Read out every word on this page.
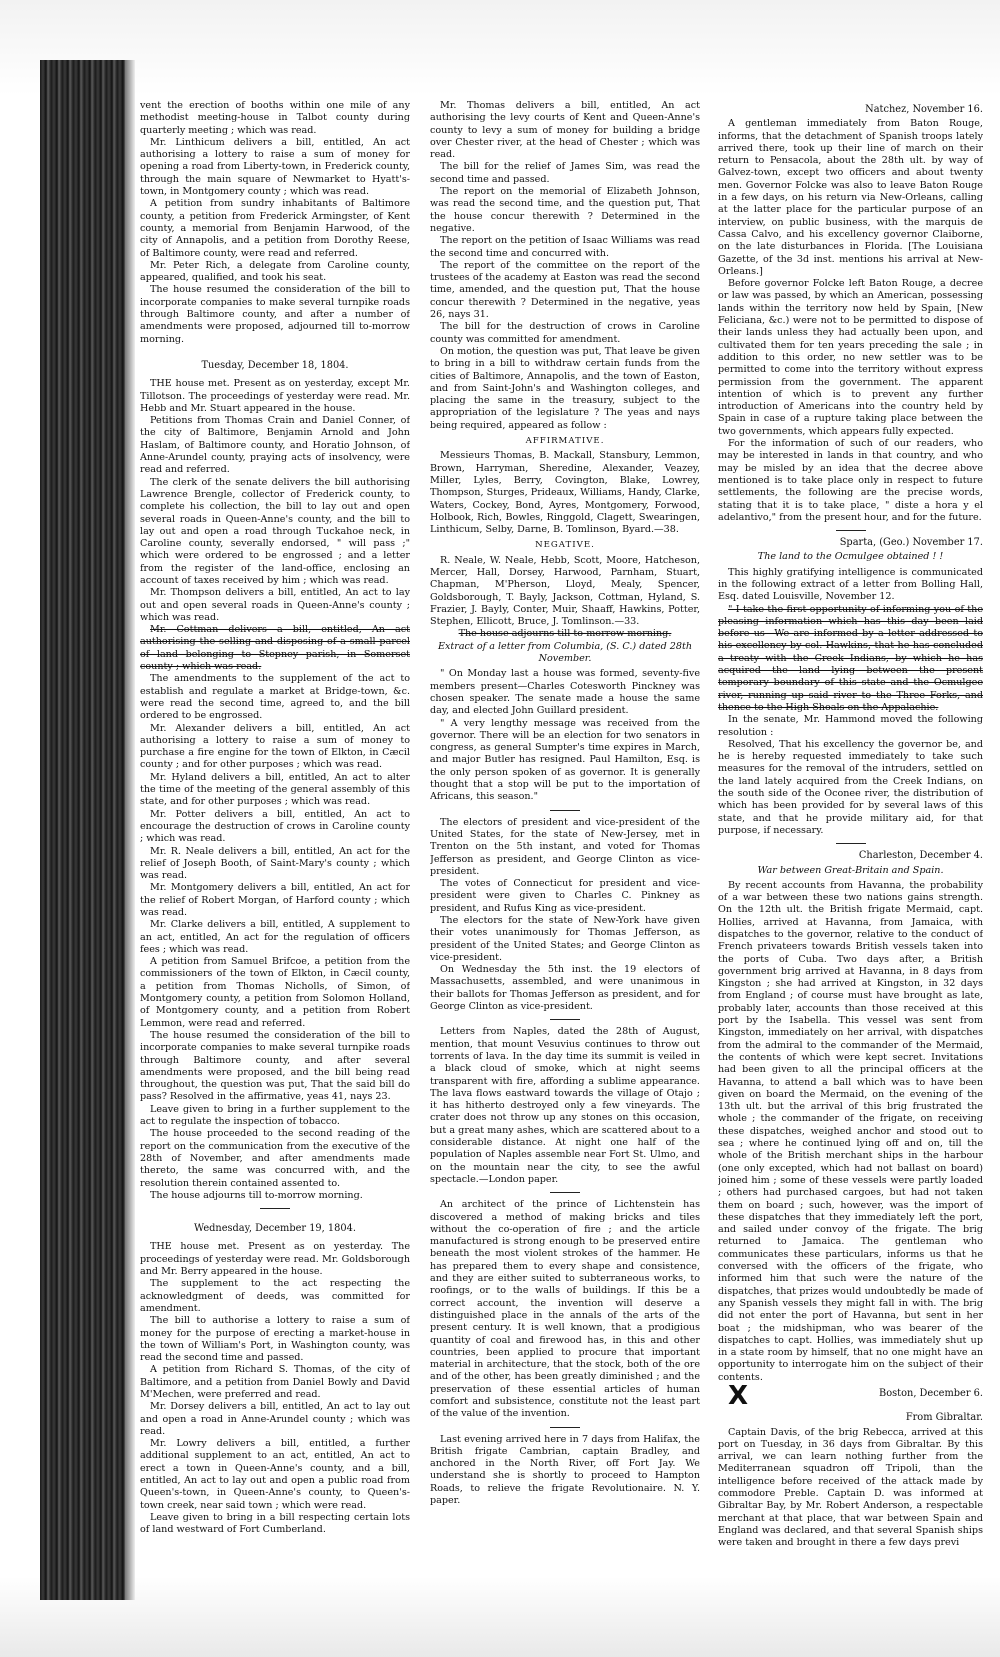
vent the erection of booths within one mile of any methodist meeting-house in Talbot county during quarterly meeting ; which was read.

Mr. Linthicum delivers a bill, entitled, An act authorising a lottery to raise a sum of money for opening a road from Liberty-town, in Frederick county, through the main square of Newmarket to Hyatt's-town, in Montgomery county ; which was read.

A petition from sundry inhabitants of Baltimore county, a petition from Frederick Armingster, of Kent county, a memorial from Benjamin Harwood, of the city of Annapolis, and a petition from Dorothy Reese, of Baltimore county, were read and referred.

Mr. Peter Rich, a delegate from Caroline county, appeared, qualified, and took his seat.

The house resumed the consideration of the bill to incorporate companies to make several turnpike roads through Baltimore county, and after a number of amendments were proposed, adjourned till to-morrow morning.

Tuesday, December 18, 1804.

THE house met. Present as on yesterday, except Mr. Tillotson. The proceedings of yesterday were read. Mr. Hebb and Mr. Stuart appeared in the house.

Petitions from Thomas Crain and Daniel Conner, of the city of Baltimore, Benjamin Arnold and John Haslam, of Baltimore county, and Horatio Johnson, of Anne-Arundel county, praying acts of insolvency, were read and referred.

The clerk of the senate delivers the bill authorising Lawrence Brengle, collector of Frederick county, to complete his collection, the bill to lay out and open several roads in Queen-Anne's county, and the bill to lay out and open a road through Tuckahoe neck, in Caroline county, severally endorsed, " will pass ;" which were ordered to be engrossed ; and a letter from the register of the land-office, enclosing an account of taxes received by him ; which was read.

Mr. Thompson delivers a bill, entitled, An act to lay out and open several roads in Queen-Anne's county ; which was read.

Mr. Cottman delivers a bill, entitled, An act authorising the selling and disposing of a small parcel of land belonging to Stepney parish, in Somerset county ; which was read.

The amendments to the supplement of the act to establish and regulate a market at Bridge-town, &c. were read the second time, agreed to, and the bill ordered to be engrossed.

Mr. Alexander delivers a bill, entitled, An act authorising a lottery to raise a sum of money to purchase a fire engine for the town of Elkton, in Cæcil county ; and for other purposes ; which was read.

Mr. Hyland delivers a bill, entitled, An act to alter the time of the meeting of the general assembly of this state, and for other purposes ; which was read.

Mr. Potter delivers a bill, entitled, An act to encourage the destruction of crows in Caroline county ; which was read.

Mr. R. Neale delivers a bill, entitled, An act for the relief of Joseph Booth, of Saint-Mary's county ; which was read.

Mr. Montgomery delivers a bill, entitled, An act for the relief of Robert Morgan, of Harford county ; which was read.

Mr. Clarke delivers a bill, entitled, A supplement to an act, entitled, An act for the regulation of officers fees ; which was read.

A petition from Samuel Brifcoe, a petition from the commissioners of the town of Elkton, in Cæcil county, a petition from Thomas Nicholls, of Simon, of Montgomery county, a petition from Solomon Holland, of Montgomery county, and a petition from Robert Lemmon, were read and referred.

The house resumed the consideration of the bill to incorporate companies to make several turnpike roads through Baltimore county, and after several amendments were proposed, and the bill being read throughout, the question was put, That the said bill do pass? Resolved in the affirmative, yeas 41, nays 23.

Leave given to bring in a further supplement to the act to regulate the inspection of tobacco.

The house proceeded to the second reading of the report on the communication from the executive of the 28th of November, and after amendments made thereto, the same was concurred with, and the resolution therein contained assented to.

The house adjourns till to-morrow morning.

Wednesday, December 19, 1804.

THE house met. Present as on yesterday. The proceedings of yesterday were read. Mr. Goldsborough and Mr. Berry appeared in the house.

The supplement to the act respecting the acknowledgment of deeds, was committed for amendment.

The bill to authorise a lottery to raise a sum of money for the purpose of erecting a market-house in the town of William's Port, in Washington county, was read the second time and passed.

A petition from Richard S. Thomas, of the city of Baltimore, and a petition from Daniel Bowly and David M'Mechen, were preferred and read.

Mr. Dorsey delivers a bill, entitled, An act to lay out and open a road in Anne-Arundel county ; which was read.

Mr. Lowry delivers a bill, entitled, a further additional supplement to an act, entitled, An act to erect a town in Queen-Anne's county, and a bill, entitled, An act to lay out and open a public road from Queen's-town, in Queen-Anne's county, to Queen's-town creek, near said town ; which were read.

Leave given to bring in a bill respecting certain lots of land westward of Fort Cumberland.

Mr. Thomas delivers a bill, entitled, An act authorising the levy courts of Kent and Queen-Anne's county to levy a sum of money for building a bridge over Chester river, at the head of Chester ; which was read.

The bill for the relief of James Sim, was read the second time and passed.

The report on the memorial of Elizabeth Johnson, was read the second time, and the question put, That the house concur therewith ? Determined in the negative.

The report on the petition of Isaac Williams was read the second time and concurred with.

The report of the committee on the report of the trustees of the academy at Easton was read the second time, amended, and the question put, That the house concur therewith ? Determined in the negative, yeas 26, nays 31.

The bill for the destruction of crows in Caroline county was committed for amendment.

On motion, the question was put, That leave be given to bring in a bill to withdraw certain funds from the cities of Baltimore, Annapolis, and the town of Easton, and from Saint-John's and Washington colleges, and placing the same in the treasury, subject to the appropriation of the legislature ? The yeas and nays being required, appeared as follow :

AFFIRMATIVE.

Messieurs Thomas, B. Mackall, Stansbury, Lemmon, Brown, Harryman, Sheredine, Alexander, Veazey, Miller, Lyles, Berry, Covington, Blake, Lowrey, Thompson, Sturges, Prideaux, Williams, Handy, Clarke, Waters, Cockey, Bond, Ayres, Montgomery, Forwood, Holbook, Rich, Bowles, Ringgold, Clagett, Swearingen, Linthicum, Selby, Darne, B. Tomlinson, Byard.—38.

NEGATIVE.

R. Neale, W. Neale, Hebb, Scott, Moore, Hatcheson, Mercer, Hall, Dorsey, Harwood, Parnham, Stuart, Chapman, M'Pherson, Lloyd, Mealy, Spencer, Goldsborough, T. Bayly, Jackson, Cottman, Hyland, S. Frazier, J. Bayly, Conter, Muir, Shaaff, Hawkins, Potter, Stephen, Ellicott, Bruce, J. Tomlinson.—33.

The house adjourns till to-morrow morning.

Extract of a letter from Columbia, (S. C.) dated 28th November.

" On Monday last a house was formed, seventy-five members present—Charles Cotesworth Pinckney was chosen speaker. The senate made a house the same day, and elected John Guillard president.

" A very lengthy message was received from the governor. There will be an election for two senators in congress, as general Sumpter's time expires in March, and major Butler has resigned. Paul Hamilton, Esq. is the only person spoken of as governor. It is generally thought that a stop will be put to the importation of Africans, this season."

The electors of president and vice-president of the United States, for the state of New-Jersey, met in Trenton on the 5th instant, and voted for Thomas Jefferson as president, and George Clinton as vice-president.

The votes of Connecticut for president and vice-president were given to Charles C. Pinkney as president, and Rufus King as vice-president.

The electors for the state of New-York have given their votes unanimously for Thomas Jefferson, as president of the United States; and George Clinton as vice-president.

On Wednesday the 5th inst. the 19 electors of Massachusetts, assembled, and were unanimous in their ballots for Thomas Jefferson as president, and for George Clinton as vice-president.

Letters from Naples, dated the 28th of August, mention, that mount Vesuvius continues to throw out torrents of lava. In the day time its summit is veiled in a black cloud of smoke, which at night seems transparent with fire, affording a sublime appearance. The lava flows eastward towards the village of Otajo ; it has hitherto destroyed only a few vineyards. The crater does not throw up any stones on this occasion, but a great many ashes, which are scattered about to a considerable distance. At night one half of the population of Naples assemble near Fort St. Ulmo, and on the mountain near the city, to see the awful spectacle.—London paper.

An architect of the prince of Lichtenstein has discovered a method of making bricks and tiles without the co-operation of fire ; and the article manufactured is strong enough to be preserved entire beneath the most violent strokes of the hammer. He has prepared them to every shape and consistence, and they are either suited to subterraneous works, to roofings, or to the walls of buildings. If this be a correct account, the invention will deserve a distinguished place in the annals of the arts of the present century. It is well known, that a prodigious quantity of coal and firewood has, in this and other countries, been applied to procure that important material in architecture, that the stock, both of the ore and of the other, has been greatly diminished ; and the preservation of these essential articles of human comfort and subsistence, constitute not the least part of the value of the invention.

Last evening arrived here in 7 days from Halifax, the British frigate Cambrian, captain Bradley, and anchored in the North River, off Fort Jay. We understand she is shortly to proceed to Hampton Roads, to relieve the frigate Revolutionaire. N. Y. paper.

Natchez, November 16.

A gentleman immediately from Baton Rouge, informs, that the detachment of Spanish troops lately arrived there, took up their line of march on their return to Pensacola, about the 28th ult. by way of Galvez-town, except two officers and about twenty men. Governor Folcke was also to leave Baton Rouge in a few days, on his return via New-Orleans, calling at the latter place for the particular purpose of an interview, on public business, with the marquis de Cassa Calvo, and his excellency governor Claiborne, on the late disturbances in Florida. [The Louisiana Gazette, of the 3d inst. mentions his arrival at New-Orleans.]

Before governor Folcke left Baton Rouge, a decree or law was passed, by which an American, possessing lands within the territory now held by Spain, [New Feliciana, &c.) were not to be permitted to dispose of their lands unless they had actually been upon, and cultivated them for ten years preceding the sale ; in addition to this order, no new settler was to be permitted to come into the territory without express permission from the government. The apparent intention of which is to prevent any further introduction of Americans into the country held by Spain in case of a rupture taking place between the two governments, which appears fully expected.

For the information of such of our readers, who may be interested in lands in that country, and who may be misled by an idea that the decree above mentioned is to take place only in respect to future settlements, the following are the precise words, stating that it is to take place, " diste a hora y el adelantivo," from the present hour, and for the future.

Sparta, (Geo.) November 17.
The land to the Ocmulgee obtained ! !

This highly gratifying intelligence is communicated in the following extract of a letter from Bolling Hall, Esq. dated Louisville, November 12.

" I take the first opportunity of informing you of the pleasing information which has this day been laid before us—We are informed by a letter addressed to his excellency by col. Hawkins, that he has concluded a treaty with the Creek Indians, by which he has acquired the land lying between the present temporary boundary of this state and the Ocmulgee river, running up said river to the Three Forks, and thence to the High Shoals on the Appalachie.

In the senate, Mr. Hammond moved the following resolution :

Resolved, That his excellency the governor be, and he is hereby requested immediately to take such measures for the removal of the intruders, settled on the land lately acquired from the Creek Indians, on the south side of the Oconee river, the distribution of which has been provided for by several laws of this state, and that he provide military aid, for that purpose, if necessary.

Charleston, December 4.
War between Great-Britain and Spain.

By recent accounts from Havanna, the probability of a war between these two nations gains strength. On the 12th ult. the British frigate Mermaid, capt. Hollies, arrived at Havanna, from Jamaica, with dispatches to the governor, relative to the conduct of French privateers towards British vessels taken into the ports of Cuba. Two days after, a British government brig arrived at Havanna, in 8 days from Kingston ; she had arrived at Kingston, in 32 days from England ; of course must have brought as late, probably later, accounts than those received at this port by the Isabella. This vessel was sent from Kingston, immediately on her arrival, with dispatches from the admiral to the commander of the Mermaid, the contents of which were kept secret. Invitations had been given to all the principal officers at the Havanna, to attend a ball which was to have been given on board the Mermaid, on the evening of the 13th ult. but the arrival of this brig frustrated the whole ; the commander of the frigate, on receiving these dispatches, weighed anchor and stood out to sea ; where he continued lying off and on, till the whole of the British merchant ships in the harbour (one only excepted, which had not ballast on board) joined him ; some of these vessels were partly loaded ; others had purchased cargoes, but had not taken them on board ; such, however, was the import of these dispatches that they immediately left the port, and sailed under convoy of the frigate. The brig returned to Jamaica. The gentleman who communicates these particulars, informs us that he conversed with the officers of the frigate, who informed him that such were the nature of the dispatches, that prizes would undoubtedly be made of any Spanish vessels they might fall in with. The brig did not enter the port of Havanna, but sent in her boat ; the midshipman, who was bearer of the dispatches to capt. Hollies, was immediately shut up in a state room by himself, that no one might have an opportunity to interrogate him on the subject of their contents.

X	Boston, December 6.
From Gibraltar.

Captain Davis, of the brig Rebecca, arrived at this port on Tuesday, in 36 days from Gibraltar. By this arrival, we can learn nothing further from the Mediterranean squadron off Tripoli, than the intelligence before received of the attack made by commodore Preble. Captain D. was informed at Gibraltar Bay, by Mr. Robert Anderson, a respectable merchant at that place, that war between Spain and England was declared, and that several Spanish ships were taken and brought in there a few days previ
